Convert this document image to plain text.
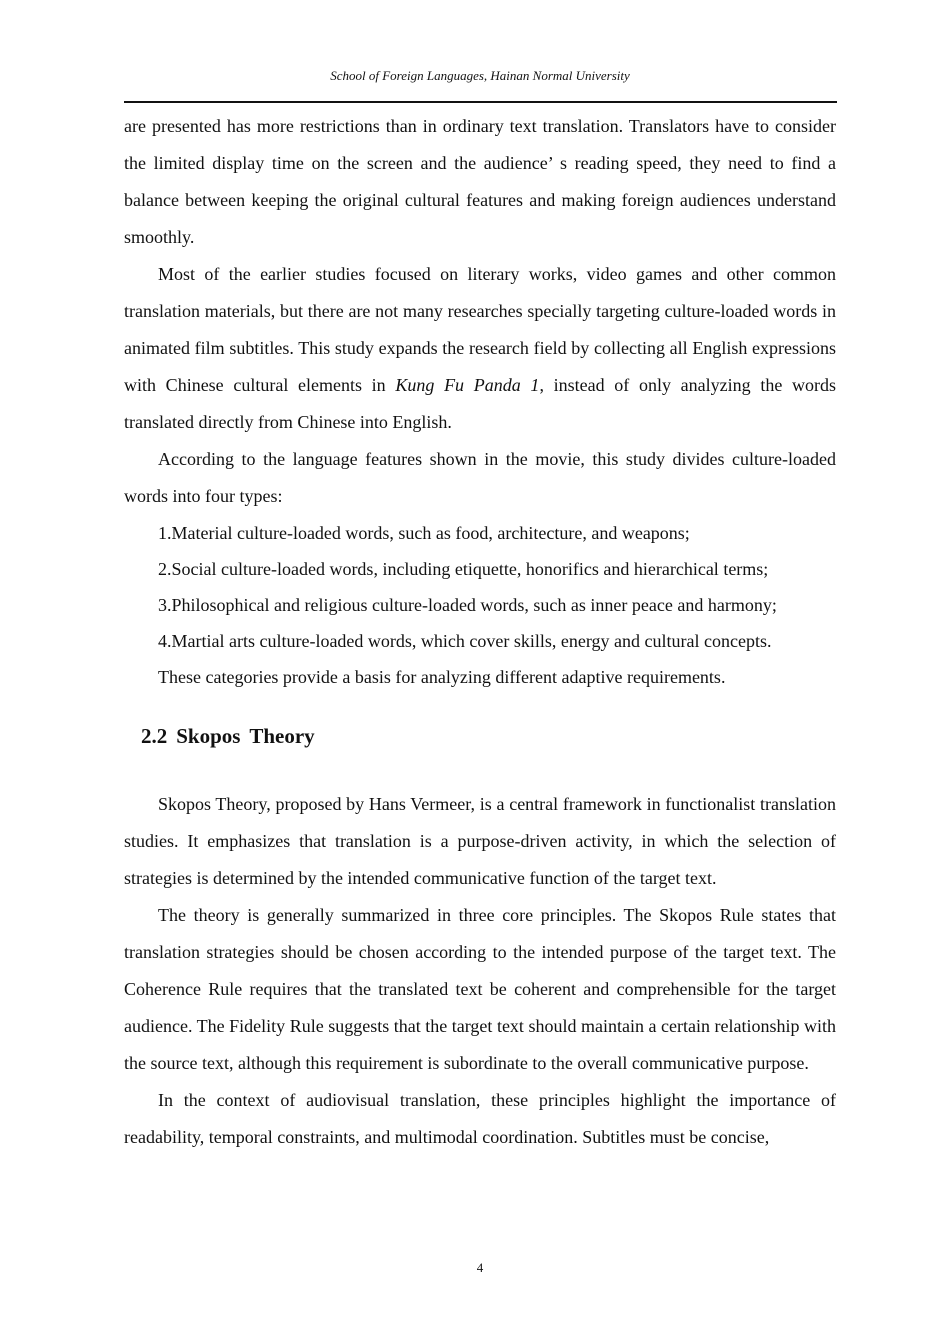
School of Foreign Languages, Hainan Normal University

are presented has more restrictions than in ordinary text translation. Translators have to consider the limited display time on the screen and the audience’ s reading speed, they need to find a balance between keeping the original cultural features and making foreign audiences understand smoothly.

Most of the earlier studies focused on literary works, video games and other common translation materials, but there are not many researches specially targeting culture-loaded words in animated film subtitles. This study expands the research field by collecting all English expressions with Chinese cultural elements in Kung Fu Panda 1, instead of only analyzing the words translated directly from Chinese into English.

According to the language features shown in the movie, this study divides culture-loaded words into four types:

1.Material culture-loaded words, such as food, architecture, and weapons;

2.Social culture-loaded words, including etiquette, honorifics and hierarchical terms;

3.Philosophical and religious culture-loaded words, such as inner peace and harmony;

4.Martial arts culture-loaded words, which cover skills, energy and cultural concepts.

These categories provide a basis for analyzing different adaptive requirements.

2.2 Skopos Theory

Skopos Theory, proposed by Hans Vermeer, is a central framework in functionalist translation studies. It emphasizes that translation is a purpose-driven activity, in which the selection of strategies is determined by the intended communicative function of the target text.

The theory is generally summarized in three core principles. The Skopos Rule states that translation strategies should be chosen according to the intended purpose of the target text. The Coherence Rule requires that the translated text be coherent and comprehensible for the target audience. The Fidelity Rule suggests that the target text should maintain a certain relationship with the source text, although this requirement is subordinate to the overall communicative purpose.

In the context of audiovisual translation, these principles highlight the importance of readability, temporal constraints, and multimodal coordination. Subtitles must be concise,

4
